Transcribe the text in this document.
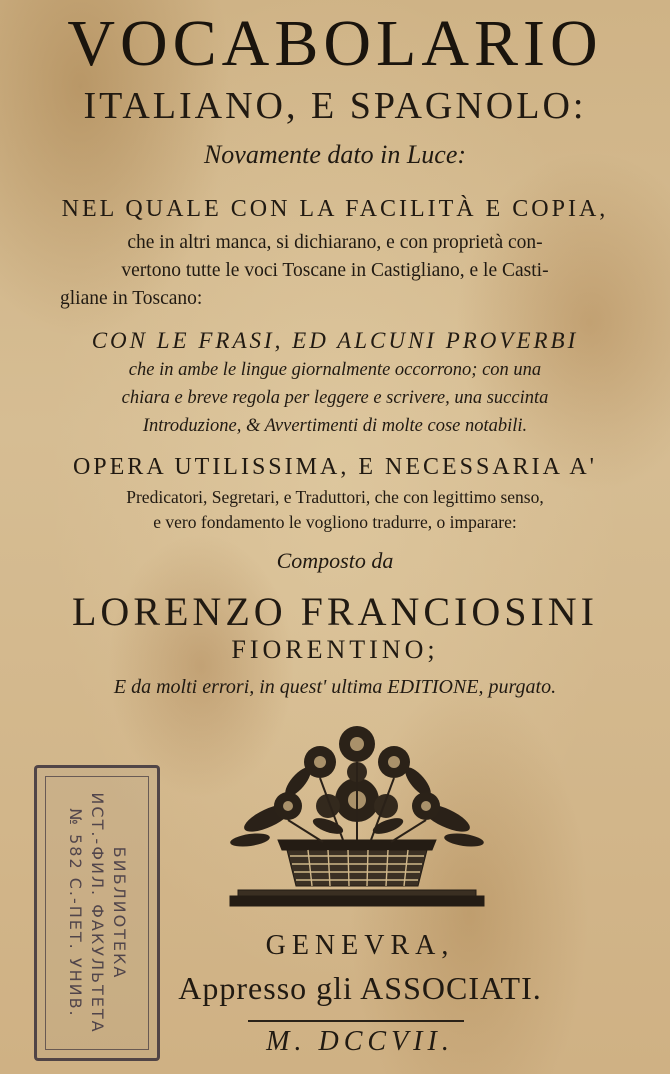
VOCABOLARIO
ITALIANO, E SPAGNOLO:
Novamente dato in Luce:
NEL QUALE CON LA FACILITÀ E COPIA,
che in altri manca, si dichiarano, e con proprietà con-
vertono tutte le voci Toscane in Castigliano, e le Casti-
gliane in Toscano:
CON LE FRASI, ED ALCUNI PROVERBI
che in ambe le lingue giornalmente occorrono; con una
chiara e breve regola per leggere e scrivere, una succinta
Introduzione, & Avvertimenti di molte cose notabili.
OPERA UTILISSIMA, E NECESSARIA A'
Predicatori, Segretari, e Traduttori, che con legittimo senso,
e vero fondamento le vogliono tradurre, o imparare:
Composto da
LORENZO FRANCIOSINI
FIORENTINO;
E da molti errori, in quest' ultima EDITIONE, purgato.
БИБЛИОТЕКА
ИСТ.-ФИЛ. ФАКУЛЬТЕТА
№ 582 С.-ПЕТ. УНИВ.	GENEVRA,
Appresso gli ASSOCIATI.
M. DCCVII.
